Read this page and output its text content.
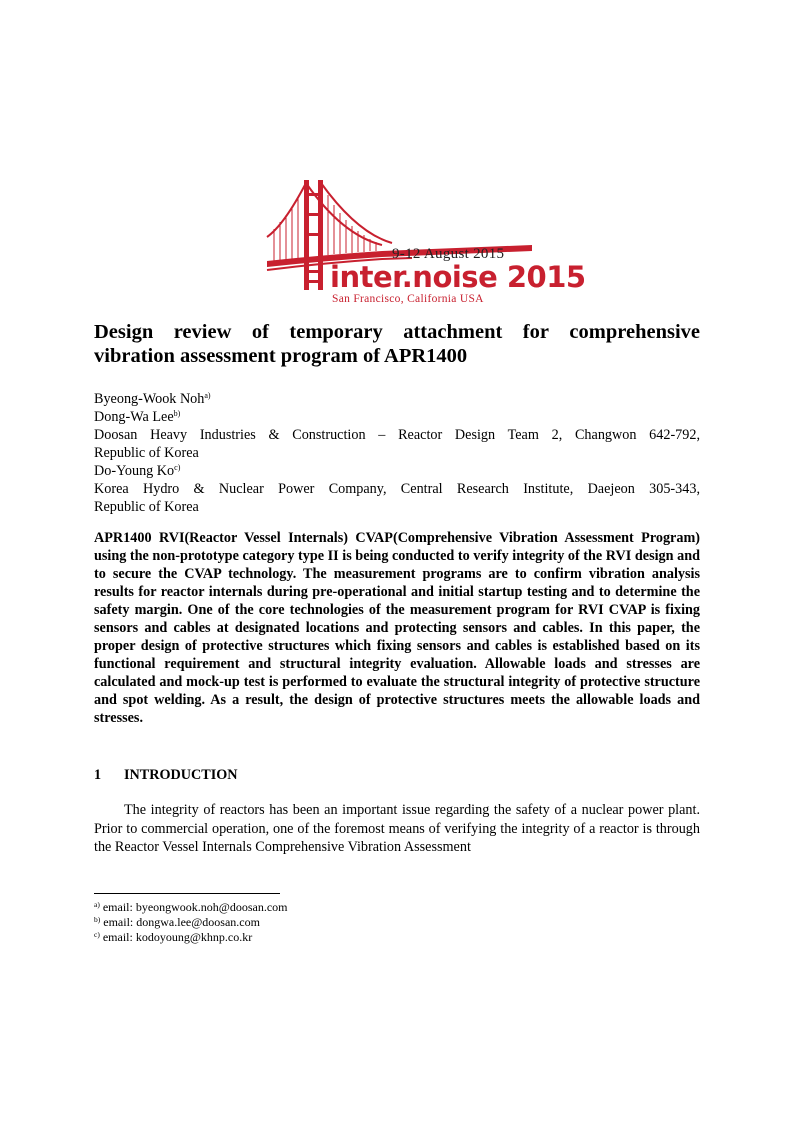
9-12 August 2015
inter.noise 2015
San Francisco, California USA
Design review of temporary attachment for comprehensive
vibration assessment program of APR1400
Byeong-Wook Noh$^{a)}$
Dong-Wa Lee$^{b)}$
Doosan Heavy Industries & Construction – Reactor Design Team 2, Changwon 642-792,
Republic of Korea
Do-Young Ko$^{c)}$
Korea Hydro & Nuclear Power Company, Central Research Institute, Daejeon 305-343,
Republic of Korea

APR1400 RVI(Reactor Vessel Internals) CVAP(Comprehensive Vibration Assessment Program) using the non-prototype category type II is being conducted to verify integrity of the RVI design and to secure the CVAP technology. The measurement programs are to confirm vibration analysis results for reactor internals during pre-operational and initial startup testing and to determine the safety margin. One of the core technologies of the measurement program for RVI CVAP is fixing sensors and cables at designated locations and protecting sensors and cables. In this paper, the proper design of protective structures which fixing sensors and cables is established based on its functional requirement and structural integrity evaluation. Allowable loads and stresses are calculated and mock-up test is performed to evaluate the structural integrity of protective structure and spot welding. As a result, the design of protective structures meets the allowable loads and stresses.

1 INTRODUCTION

The integrity of reactors has been an important issue regarding the safety of a nuclear power plant. Prior to commercial operation, one of the foremost means of verifying the integrity of a reactor is through the Reactor Vessel Internals Comprehensive Vibration Assessment

$^{a)}$ email: byeongwook.noh@doosan.com
$^{b)}$ email: dongwa.lee@doosan.com
$^{c)}$ email: kodoyoung@khnp.co.kr
